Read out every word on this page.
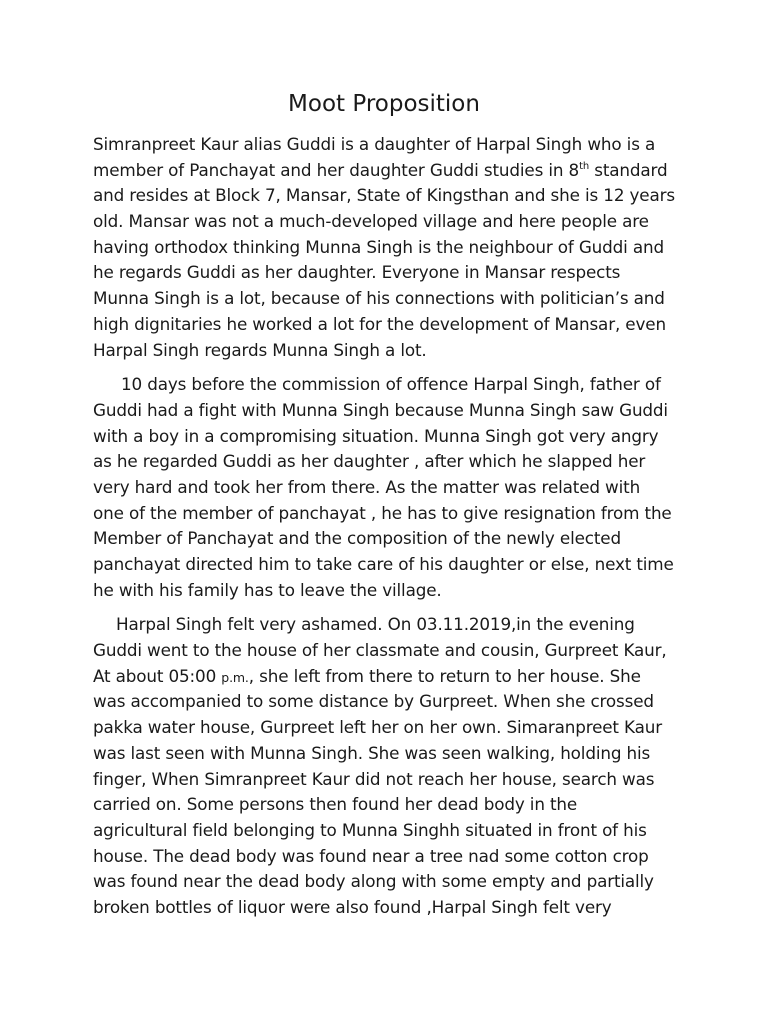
Moot Proposition
Simranpreet Kaur alias Guddi is a daughter of Harpal Singh who is a
member of Panchayat and her daughter Guddi studies in 8th standard
and resides at Block 7, Mansar, State of Kingsthan and she is 12 years
old. Mansar was not a much-developed village and here people are
having orthodox thinking Munna Singh is the neighbour of Guddi and
he regards Guddi as her daughter. Everyone in Mansar respects
Munna Singh is a lot, because of his connections with politician’s and
high dignitaries he worked a lot for the development of Mansar, even
Harpal Singh regards Munna Singh a lot.
10 days before the commission of offence Harpal Singh, father of
Guddi had a fight with Munna Singh because Munna Singh saw Guddi
with a boy in a compromising situation. Munna Singh got very angry
as he regarded Guddi as her daughter , after which he slapped her
very hard and took her from there. As the matter was related with
one of the member of panchayat , he has to give resignation from the
Member of Panchayat and the composition of the newly elected
panchayat directed him to take care of his daughter or else, next time
he with his family has to leave the village.
Harpal Singh felt very ashamed. On 03.11.2019,in the evening
Guddi went to the house of her classmate and cousin, Gurpreet Kaur,
At about 05:00 p.m., she left from there to return to her house. She
was accompanied to some distance by Gurpreet. When she crossed
pakka water house, Gurpreet left her on her own. Simaranpreet Kaur
was last seen with Munna Singh. She was seen walking, holding his
finger, When Simranpreet Kaur did not reach her house, search was
carried on. Some persons then found her dead body in the
agricultural field belonging to Munna Singhh situated in front of his
house. The dead body was found near a tree nad some cotton crop
was found near the dead body along with some empty and partially
broken bottles of liquor were also found ,Harpal Singh felt very
